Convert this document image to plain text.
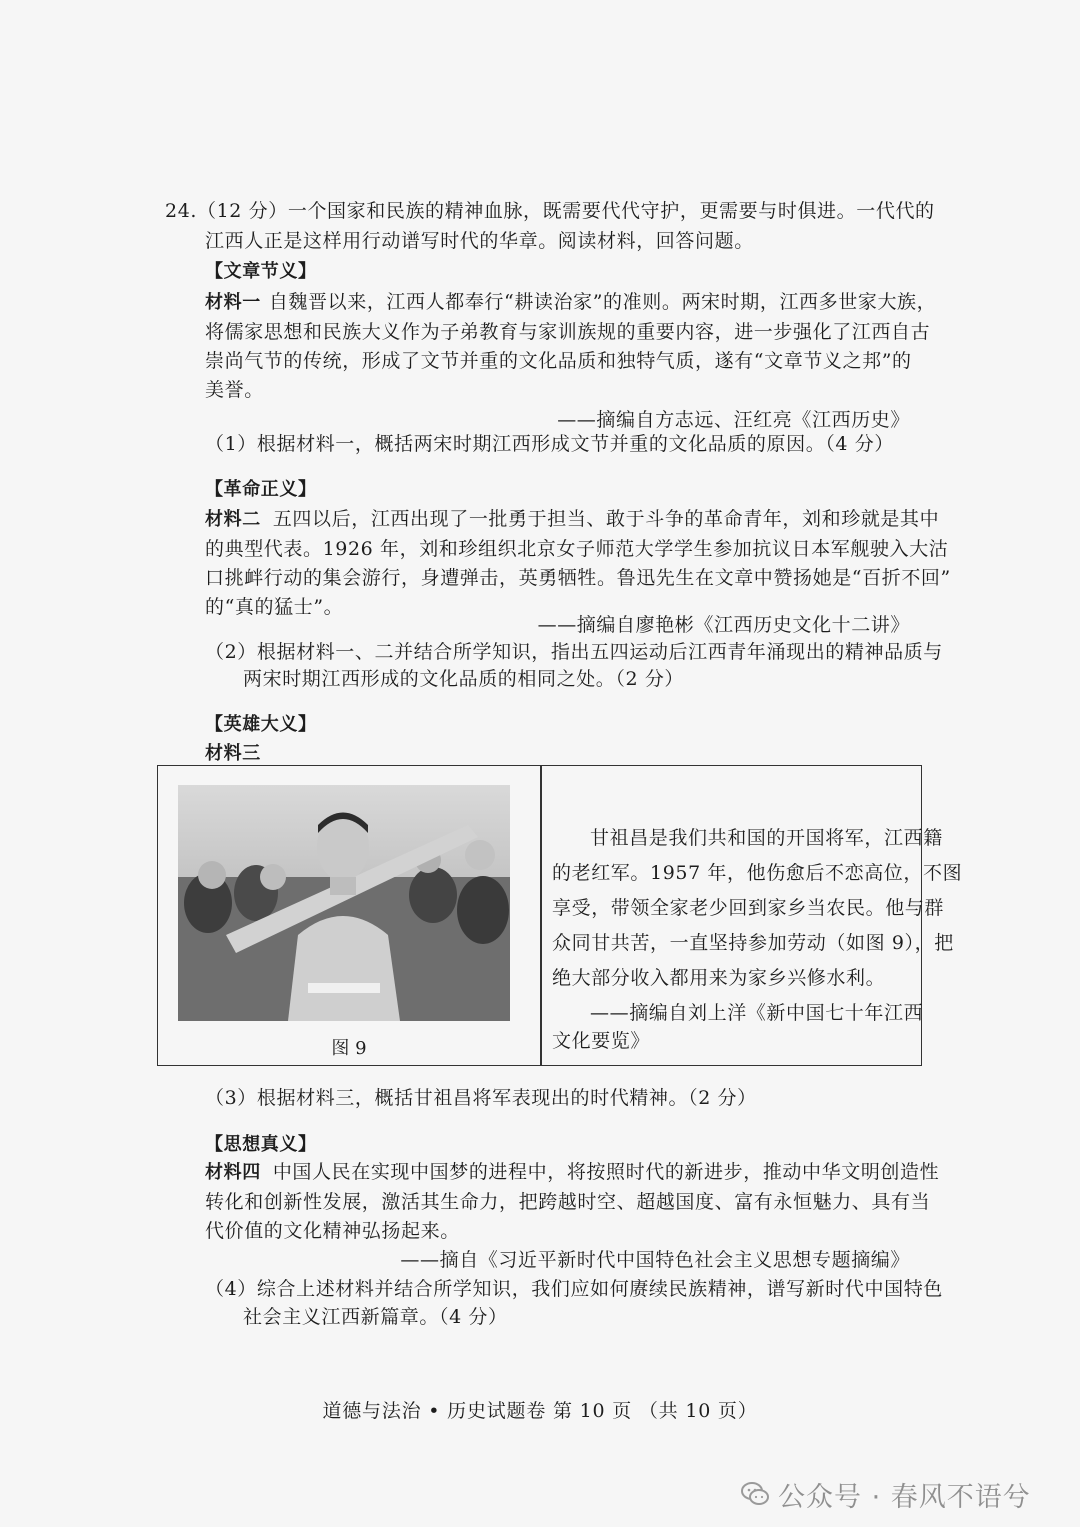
24.（12 分）一个国家和民族的精神血脉，既需要代代守护，更需要与时俱进。一代代的
江西人正是这样用行动谱写时代的华章。阅读材料，回答问题。
【文章节义】
材料一 自魏晋以来，江西人都奉行“耕读治家”的准则。两宋时期，江西多世家大族，
将儒家思想和民族大义作为子弟教育与家训族规的重要内容，进一步强化了江西自古
崇尚气节的传统，形成了文节并重的文化品质和独特气质，遂有“文章节义之邦”的
美誉。
——摘编自方志远、汪红亮《江西历史》
（1）根据材料一，概括两宋时期江西形成文节并重的文化品质的原因。（4 分）
【革命正义】
材料二 五四以后，江西出现了一批勇于担当、敢于斗争的革命青年，刘和珍就是其中
的典型代表。1926 年，刘和珍组织北京女子师范大学学生参加抗议日本军舰驶入大沽
口挑衅行动的集会游行，身遭弹击，英勇牺牲。鲁迅先生在文章中赞扬她是“百折不回”
的“真的猛士”。
——摘编自廖艳彬《江西历史文化十二讲》
（2）根据材料一、二并结合所学知识，指出五四运动后江西青年涌现出的精神品质与
两宋时期江西形成的文化品质的相同之处。（2 分）
【英雄大义】
材料三
图 9
甘祖昌是我们共和国的开国将军，江西籍
的老红军。1957 年，他伤愈后不恋高位，不图
享受，带领全家老少回到家乡当农民。他与群
众同甘共苦，一直坚持参加劳动（如图 9），把
绝大部分收入都用来为家乡兴修水利。
——摘编自刘上洋《新中国七十年江西
文化要览》
（3）根据材料三，概括甘祖昌将军表现出的时代精神。（2 分）
【思想真义】
材料四 中国人民在实现中国梦的进程中，将按照时代的新进步，推动中华文明创造性
转化和创新性发展，激活其生命力，把跨越时空、超越国度、富有永恒魅力、具有当
代价值的文化精神弘扬起来。
——摘自《习近平新时代中国特色社会主义思想专题摘编》
（4）综合上述材料并结合所学知识，我们应如何赓续民族精神，谱写新时代中国特色
社会主义江西新篇章。（4 分）
道德与法治 • 历史试题卷 第 10 页 （共 10 页）
公众号 · 春风不语兮
